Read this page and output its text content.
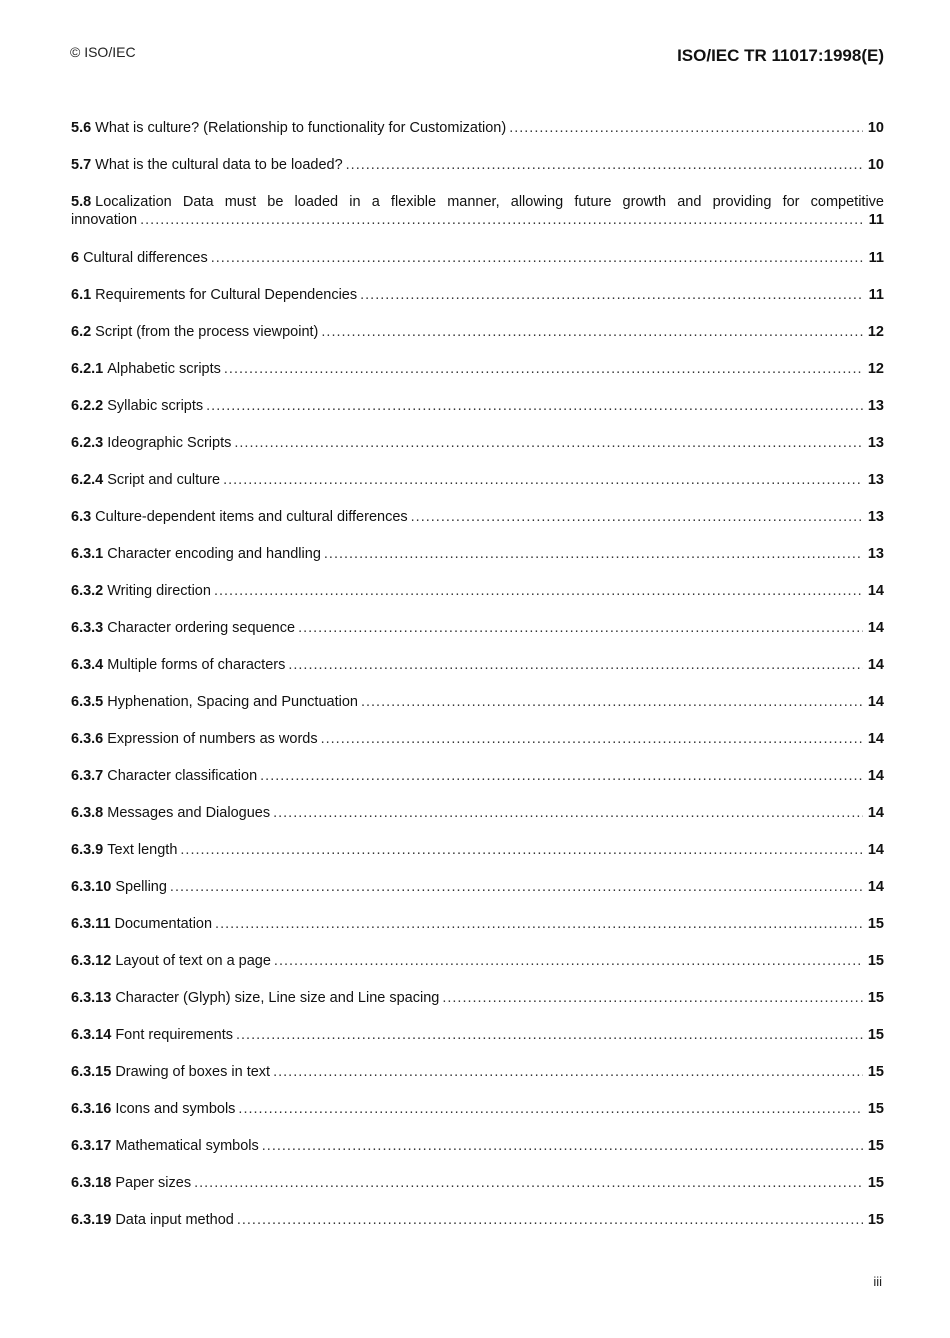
© ISO/IEC	ISO/IEC TR 11017:1998(E)
5.6 What is culture? (Relationship to functionality for Customization) .....	10
5.7 What is the cultural data to be loaded? .....	10
5.8 Localization Data must be loaded in a flexible manner, allowing future growth and providing for competitive
innovation .....	11
6 Cultural differences .....	11
6.1 Requirements for Cultural Dependencies .....	11
6.2 Script (from the process viewpoint) .....	12
6.2.1 Alphabetic scripts .....	12
6.2.2 Syllabic scripts .....	13
6.2.3 Ideographic Scripts .....	13
6.2.4 Script and culture .....	13
6.3 Culture-dependent items and cultural differences .....	13
6.3.1 Character encoding and handling .....	13
6.3.2 Writing direction .....	14
6.3.3 Character ordering sequence .....	14
6.3.4 Multiple forms of characters .....	14
6.3.5 Hyphenation, Spacing and Punctuation .....	14
6.3.6 Expression of numbers as words .....	14
6.3.7 Character classification .....	14
6.3.8 Messages and Dialogues .....	14
6.3.9 Text length .....	14
6.3.10 Spelling .....	14
6.3.11 Documentation .....	15
6.3.12 Layout of text on a page .....	15
6.3.13 Character (Glyph) size, Line size and Line spacing .....	15
6.3.14 Font requirements .....	15
6.3.15 Drawing of boxes in text .....	15
6.3.16 Icons and symbols .....	15
6.3.17 Mathematical symbols .....	15
6.3.18 Paper sizes .....	15
6.3.19 Data input method .....	15
iii
